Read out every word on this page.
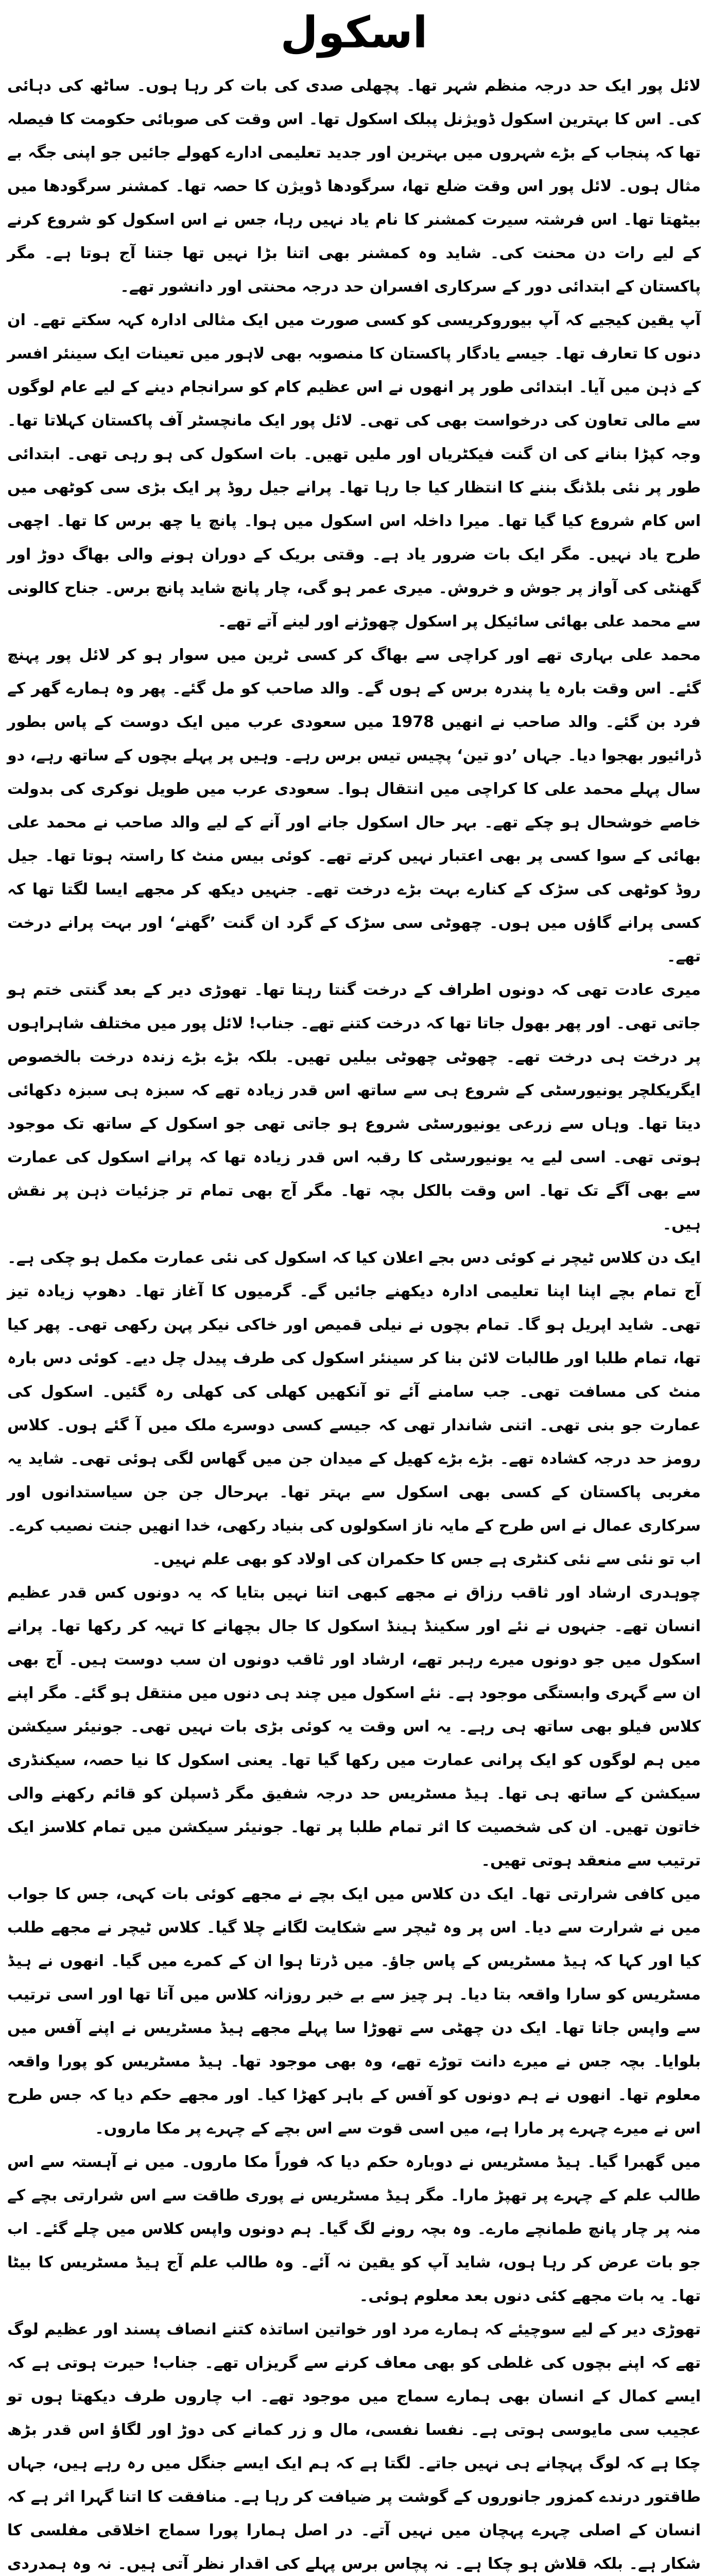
اسکول

لائل پور ایک حد درجہ منظم شہر تھا۔ پچھلی صدی کی بات کر رہا ہوں۔ ساٹھ کی دہائی کی۔ اس کا بہترین اسکول ڈویژنل پبلک اسکول تھا۔ اس وقت کی صوبائی حکومت کا فیصلہ تھا کہ پنجاب کے بڑے شہروں میں بہترین اور جدید تعلیمی ادارے کھولے جائیں جو اپنی جگہ بے مثال ہوں۔ لائل پور اس وقت ضلع تھا، سرگودھا ڈویژن کا حصہ تھا۔ کمشنر سرگودھا میں بیٹھتا تھا۔ اس فرشتہ سیرت کمشنر کا نام یاد نہیں رہا، جس نے اس اسکول کو شروع کرنے کے لیے رات دن محنت کی۔ شاید وہ کمشنر بھی اتنا بڑا نہیں تھا جتنا آج ہوتا ہے۔ مگر پاکستان کے ابتدائی دور کے سرکاری افسران حد درجہ محنتی اور دانشور تھے۔

آپ یقین کیجیے کہ آپ بیوروکریسی کو کسی صورت میں ایک مثالی ادارہ کہہ سکتے تھے۔ ان دنوں کا تعارف تھا۔ جیسے یادگار پاکستان کا منصوبہ بھی لاہور میں تعینات ایک سینئر افسر کے ذہن میں آیا۔ ابتدائی طور پر انھوں نے اس عظیم کام کو سرانجام دینے کے لیے عام لوگوں سے مالی تعاون کی درخواست بھی کی تھی۔ لائل پور ایک مانچسٹر آف پاکستان کہلاتا تھا۔ وجہ کپڑا بنانے کی ان گنت فیکٹریاں اور ملیں تھیں۔ بات اسکول کی ہو رہی تھی۔ ابتدائی طور پر نئی بلڈنگ بننے کا انتظار کیا جا رہا تھا۔ پرانے جیل روڈ پر ایک بڑی سی کوٹھی میں اس کام شروع کیا گیا تھا۔ میرا داخلہ اس اسکول میں ہوا۔ پانچ یا چھ برس کا تھا۔ اچھی طرح یاد نہیں۔ مگر ایک بات ضرور یاد ہے۔ وقتی بریک کے دوران ہونے والی بھاگ دوڑ اور گھنٹی کی آواز پر جوش و خروش۔ میری عمر ہو گی، چار پانچ شاید پانچ برس۔ جناح کالونی سے محمد علی بھائی سائیکل پر اسکول چھوڑنے اور لینے آتے تھے۔

محمد علی بہاری تھے اور کراچی سے بھاگ کر کسی ٹرین میں سوار ہو کر لائل پور پہنچ گئے۔ اس وقت بارہ یا پندرہ برس کے ہوں گے۔ والد صاحب کو مل گئے۔ پھر وہ ہمارے گھر کے فرد بن گئے۔ والد صاحب نے انھیں 1978 میں سعودی عرب میں ایک دوست کے پاس بطور ڈرائیور بھجوا دیا۔ جہاں ’دو تین‘ پچیس تیس برس رہے۔ وہیں پر پہلے بچوں کے ساتھ رہے، دو سال پہلے محمد علی کا کراچی میں انتقال ہوا۔ سعودی عرب میں طویل نوکری کی بدولت خاصے خوشحال ہو چکے تھے۔ بہر حال اسکول جانے اور آنے کے لیے والد صاحب نے محمد علی بھائی کے سوا کسی پر بھی اعتبار نہیں کرتے تھے۔ کوئی بیس منٹ کا راستہ ہوتا تھا۔ جیل روڈ کوٹھی کی سڑک کے کنارے بہت بڑے درخت تھے۔ جنہیں دیکھ کر مجھے ایسا لگتا تھا کہ کسی پرانے گاؤں میں ہوں۔ چھوٹی سی سڑک کے گرد ان گنت ’گھنے‘ اور بہت پرانے درخت تھے۔

میری عادت تھی کہ دونوں اطراف کے درخت گنتا رہتا تھا۔ تھوڑی دیر کے بعد گنتی ختم ہو جاتی تھی۔ اور پھر بھول جاتا تھا کہ درخت کتنے تھے۔ جناب! لائل پور میں مختلف شاہراہوں پر درخت ہی درخت تھے۔ چھوٹی چھوٹی بیلیں تھیں۔ بلکہ بڑے بڑے زندہ درخت بالخصوص ایگریکلچر یونیورسٹی کے شروع ہی سے ساتھ اس قدر زیادہ تھے کہ سبزہ ہی سبزہ دکھائی دیتا تھا۔ وہاں سے زرعی یونیورسٹی شروع ہو جاتی تھی جو اسکول کے ساتھ تک موجود ہوتی تھی۔ اسی لیے یہ یونیورسٹی کا رقبہ اس قدر زیادہ تھا کہ پرانے اسکول کی عمارت سے بھی آگے تک تھا۔ اس وقت بالکل بچہ تھا۔ مگر آج بھی تمام تر جزئیات ذہن پر نقش ہیں۔

ایک دن کلاس ٹیچر نے کوئی دس بجے اعلان کیا کہ اسکول کی نئی عمارت مکمل ہو چکی ہے۔ آج تمام بچے اپنا اپنا تعلیمی ادارہ دیکھنے جائیں گے۔ گرمیوں کا آغاز تھا۔ دھوپ زیادہ تیز تھی۔ شاید اپریل ہو گا۔ تمام بچوں نے نیلی قمیص اور خاکی نیکر پہن رکھی تھی۔ پھر کیا تھا، تمام طلبا اور طالبات لائن بنا کر سینئر اسکول کی طرف پیدل چل دیے۔ کوئی دس بارہ منٹ کی مسافت تھی۔ جب سامنے آئے تو آنکھیں کھلی کی کھلی رہ گئیں۔ اسکول کی عمارت جو بنی تھی۔ اتنی شاندار تھی کہ جیسے کسی دوسرے ملک میں آ گئے ہوں۔ کلاس رومز حد درجہ کشادہ تھے۔ بڑے بڑے کھیل کے میدان جن میں گھاس لگی ہوئی تھی۔ شاید یہ مغربی پاکستان کے کسی بھی اسکول سے بہتر تھا۔ بہرحال جن جن سیاستدانوں اور سرکاری عمال نے اس طرح کے مایہ ناز اسکولوں کی بنیاد رکھی، خدا انھیں جنت نصیب کرے۔ اب تو نئی سے نئی کنٹری ہے جس کا حکمران کی اولاد کو بھی علم نہیں۔

چوہدری ارشاد اور ثاقب رزاق نے مجھے کبھی اتنا نہیں بتایا کہ یہ دونوں کس قدر عظیم انسان تھے۔ جنہوں نے نئے اور سکینڈ ہینڈ اسکول کا جال بچھانے کا تہیہ کر رکھا تھا۔ پرانے اسکول میں جو دونوں میرے رہبر تھے، ارشاد اور ثاقب دونوں ان سب دوست ہیں۔ آج بھی ان سے گہری وابستگی موجود ہے۔ نئے اسکول میں چند ہی دنوں میں منتقل ہو گئے۔ مگر اپنے کلاس فیلو بھی ساتھ ہی رہے۔ یہ اس وقت یہ کوئی بڑی بات نہیں تھی۔ جونیئر سیکشن میں ہم لوگوں کو ایک پرانی عمارت میں رکھا گیا تھا۔ یعنی اسکول کا نیا حصہ، سیکنڈری سیکشن کے ساتھ ہی تھا۔ ہیڈ مسٹریس حد درجہ شفیق مگر ڈسپلن کو قائم رکھنے والی خاتون تھیں۔ ان کی شخصیت کا اثر تمام طلبا پر تھا۔ جونیئر سیکشن میں تمام کلاسز ایک ترتیب سے منعقد ہوتی تھیں۔

میں کافی شرارتی تھا۔ ایک دن کلاس میں ایک بچے نے مجھے کوئی بات کہی، جس کا جواب میں نے شرارت سے دیا۔ اس پر وہ ٹیچر سے شکایت لگانے چلا گیا۔ کلاس ٹیچر نے مجھے طلب کیا اور کہا کہ ہیڈ مسٹریس کے پاس جاؤ۔ میں ڈرتا ہوا ان کے کمرے میں گیا۔ انھوں نے ہیڈ مسٹریس کو سارا واقعہ بتا دیا۔ ہر چیز سے بے خبر روزانہ کلاس میں آتا تھا اور اسی ترتیب سے واپس جاتا تھا۔ ایک دن چھٹی سے تھوڑا سا پہلے مجھے ہیڈ مسٹریس نے اپنے آفس میں بلوایا۔ بچہ جس نے میرے دانت توڑے تھے، وہ بھی موجود تھا۔ ہیڈ مسٹریس کو پورا واقعہ معلوم تھا۔ انھوں نے ہم دونوں کو آفس کے باہر کھڑا کیا۔ اور مجھے حکم دیا کہ جس طرح اس نے میرے چہرے پر مارا ہے، میں اسی قوت سے اس بچے کے چہرے پر مکا ماروں۔

میں گھبرا گیا۔ ہیڈ مسٹریس نے دوبارہ حکم دیا کہ فوراً مکا ماروں۔ میں نے آہستہ سے اس طالب علم کے چہرے پر تھپڑ مارا۔ مگر ہیڈ مسٹریس نے پوری طاقت سے اس شرارتی بچے کے منہ پر چار پانچ طمانچے مارے۔ وہ بچہ رونے لگ گیا۔ ہم دونوں واپس کلاس میں چلے گئے۔ اب جو بات عرض کر رہا ہوں، شاید آپ کو یقین نہ آئے۔ وہ طالب علم آج ہیڈ مسٹریس کا بیٹا تھا۔ یہ بات مجھے کئی دنوں بعد معلوم ہوئی۔

تھوڑی دیر کے لیے سوچیئے کہ ہمارے مرد اور خواتین اساتذہ کتنے انصاف پسند اور عظیم لوگ تھے کہ اپنے بچوں کی غلطی کو بھی معاف کرنے سے گریزاں تھے۔ جناب! حیرت ہوتی ہے کہ ایسے کمال کے انسان بھی ہمارے سماج میں موجود تھے۔ اب چاروں طرف دیکھتا ہوں تو عجیب سی مایوسی ہوتی ہے۔ نفسا نفسی، مال و زر کمانے کی دوڑ اور لگاؤ اس قدر بڑھ چکا ہے کہ لوگ پہچانے ہی نہیں جاتے۔ لگتا ہے کہ ہم ایک ایسے جنگل میں رہ رہے ہیں، جہاں طاقتور درندے کمزور جانوروں کے گوشت پر ضیافت کر رہا ہے۔ منافقت کا اتنا گہرا اثر ہے کہ انسان کے اصلی چہرے پہچان میں نہیں آتے۔ در اصل ہمارا پورا سماج اخلاقی مفلسی کا شکار ہے۔ بلکہ قلاش ہو چکا ہے۔ نہ پچاس برس پہلے کی اقدار نظر آتی ہیں۔ نہ وہ ہمدردی
